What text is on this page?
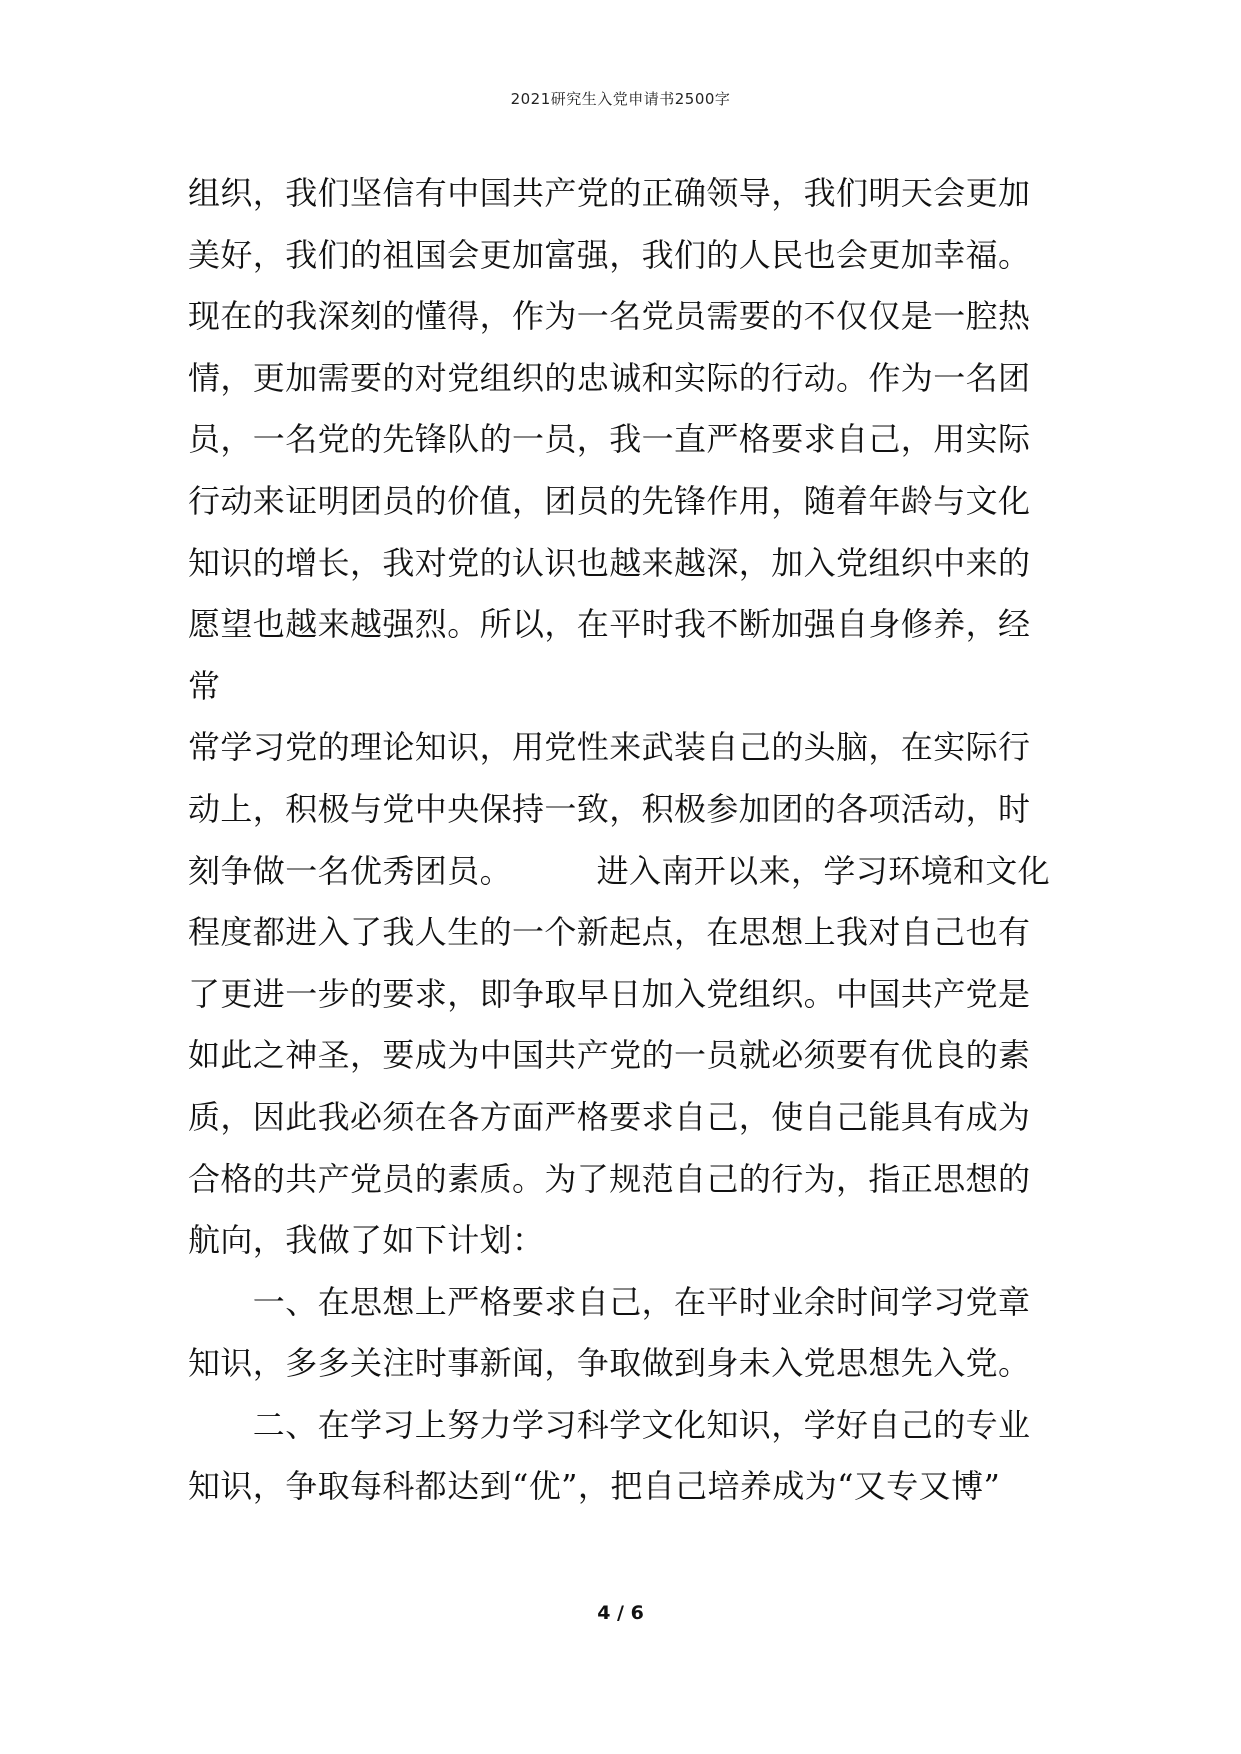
2021研究生入党申请书2500字
组织，我们坚信有中国共产党的正确领导，我们明天会更加
美好，我们的祖国会更加富强，我们的人民也会更加幸福。
现在的我深刻的懂得，作为一名党员需要的不仅仅是一腔热
情，更加需要的对党组织的忠诚和实际的行动。作为一名团
员，一名党的先锋队的一员，我一直严格要求自己，用实际
行动来证明团员的价值，团员的先锋作用，随着年龄与文化
知识的增长，我对党的认识也越来越深，加入党组织中来的
愿望也越来越强烈。所以，在平时我不断加强自身修养，经
常
常学习党的理论知识，用党性来武装自己的头脑，在实际行
动上，积极与党中央保持一致，积极参加团的各项活动，时
刻争做一名优秀团员。        进入南开以来，学习环境和文化
程度都进入了我人生的一个新起点，在思想上我对自己也有
了更进一步的要求，即争取早日加入党组织。中国共产党是
如此之神圣，要成为中国共产党的一员就必须要有优良的素
质，因此我必须在各方面严格要求自己，使自己能具有成为
合格的共产党员的素质。为了规范自己的行为，指正思想的
航向，我做了如下计划：
　　一、在思想上严格要求自己，在平时业余时间学习党章
知识，多多关注时事新闻，争取做到身未入党思想先入党。
　　二、在学习上努力学习科学文化知识，学好自己的专业
知识，争取每科都达到“优”，把自己培养成为“又专又博”
4 / 6
